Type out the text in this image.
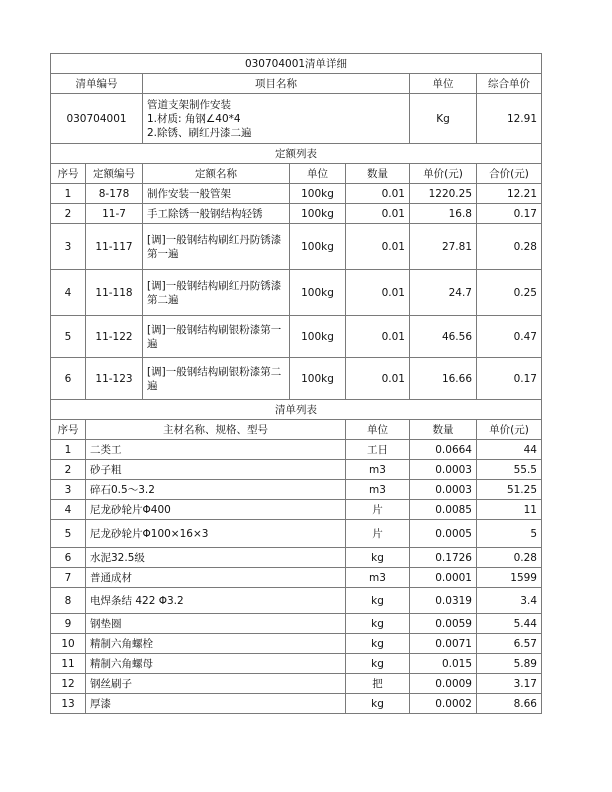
030704001清单详细							
清单编号		项目名称			单位	综合单价	
030704001		管道支架制作安装
1.材质: 角钢∠40*4
2.除锈、刷红丹漆二遍			Kg	12.91	
定额列表							
序号	定额编号	定额名称	单位	数量	单价(元)	合价(元)	
1	8-178	制作安装一般管架	100kg	0.01	1220.25	12.21	
2	11-7	手工除锈一般钢结构轻锈	100kg	0.01	16.8	0.17	
3	11-117	[调]一般钢结构刷红丹防锈漆第一遍	100kg	0.01	27.81	0.28	
4	11-118	[调]一般钢结构刷红丹防锈漆第二遍	100kg	0.01	24.7	0.25	
5	11-122	[调]一般钢结构刷银粉漆第一遍	100kg	0.01	46.56	0.47	
6	11-123	[调]一般钢结构刷银粉漆第二遍	100kg	0.01	16.66	0.17	
清单列表							
序号	主材名称、规格、型号			单位	数量	单价(元)	
1	二类工			工日	0.0664	44	
2	砂子粗			m3	0.0003	55.5	
3	碎石0.5～3.2			m3	0.0003	51.25	
4	尼龙砂轮片Φ400			片	0.0085	11	
5	尼龙砂轮片Φ100×16×3			片	0.0005	5	
6	水泥32.5级			kg	0.1726	0.28	
7	普通成材			m3	0.0001	1599	
8	电焊条结 422 Φ3.2			kg	0.0319	3.4	
9	钢垫圈			kg	0.0059	5.44	
10	精制六角螺栓			kg	0.0071	6.57	
11	精制六角螺母			kg	0.015	5.89	
12	钢丝刷子			把	0.0009	3.17	
13	厚漆			kg	0.0002	8.66	
